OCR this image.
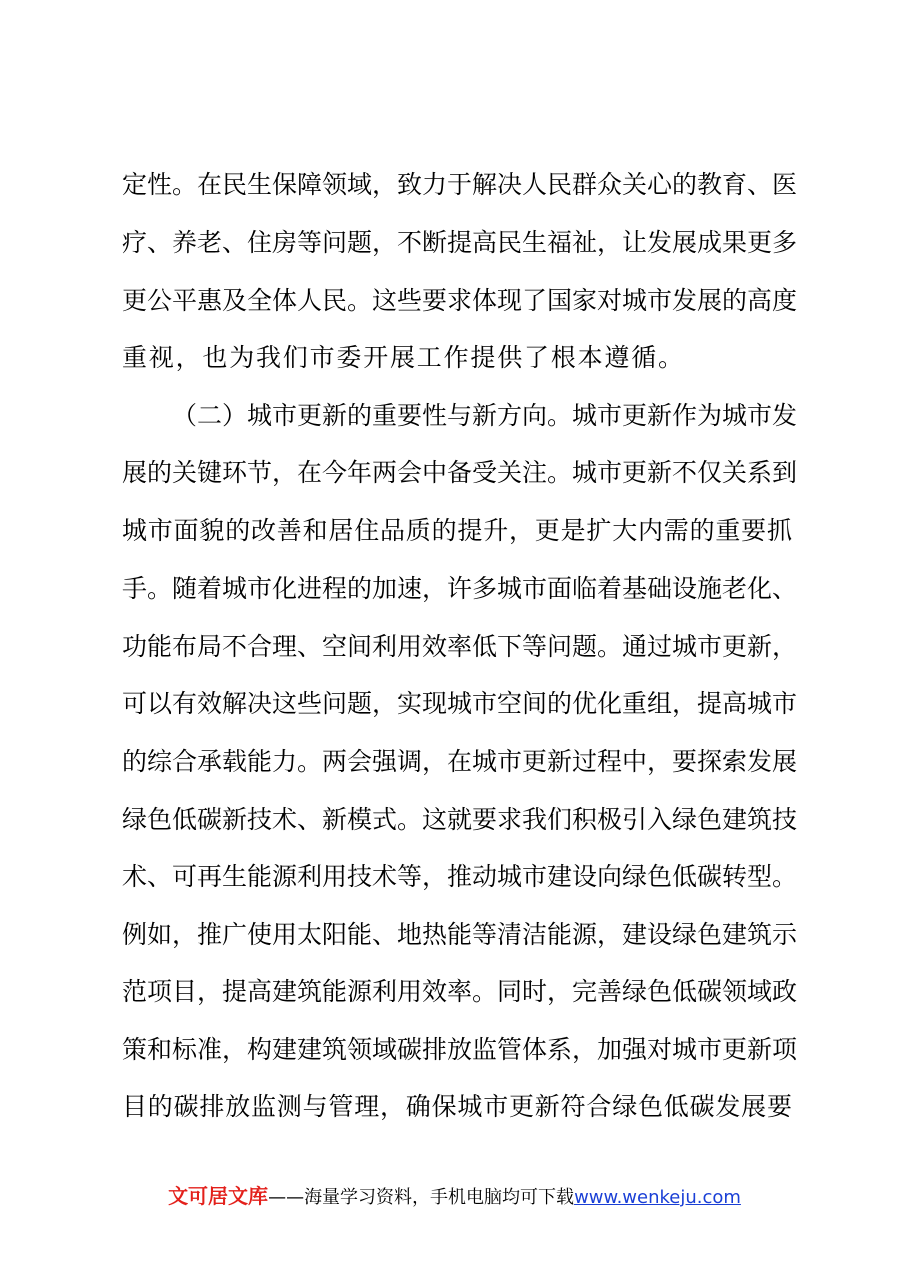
定性。在民生保障领域，致力于解决人民群众关心的教育、医
疗、养老、住房等问题，不断提高民生福祉，让发展成果更多
更公平惠及全体人民。这些要求体现了国家对城市发展的高度
重视，也为我们市委开展工作提供了根本遵循。
（二）城市更新的重要性与新方向。城市更新作为城市发
展的关键环节，在今年两会中备受关注。城市更新不仅关系到
城市面貌的改善和居住品质的提升，更是扩大内需的重要抓
手。随着城市化进程的加速，许多城市面临着基础设施老化、
功能布局不合理、空间利用效率低下等问题。通过城市更新，
可以有效解决这些问题，实现城市空间的优化重组，提高城市
的综合承载能力。两会强调，在城市更新过程中，要探索发展
绿色低碳新技术、新模式。这就要求我们积极引入绿色建筑技
术、可再生能源利用技术等，推动城市建设向绿色低碳转型。
例如，推广使用太阳能、地热能等清洁能源，建设绿色建筑示
范项目，提高建筑能源利用效率。同时，完善绿色低碳领域政
策和标准，构建建筑领域碳排放监管体系，加强对城市更新项
目的碳排放监测与管理，确保城市更新符合绿色低碳发展要
文可居文库——海量学习资料，手机电脑均可下载www.wenkeju.com
